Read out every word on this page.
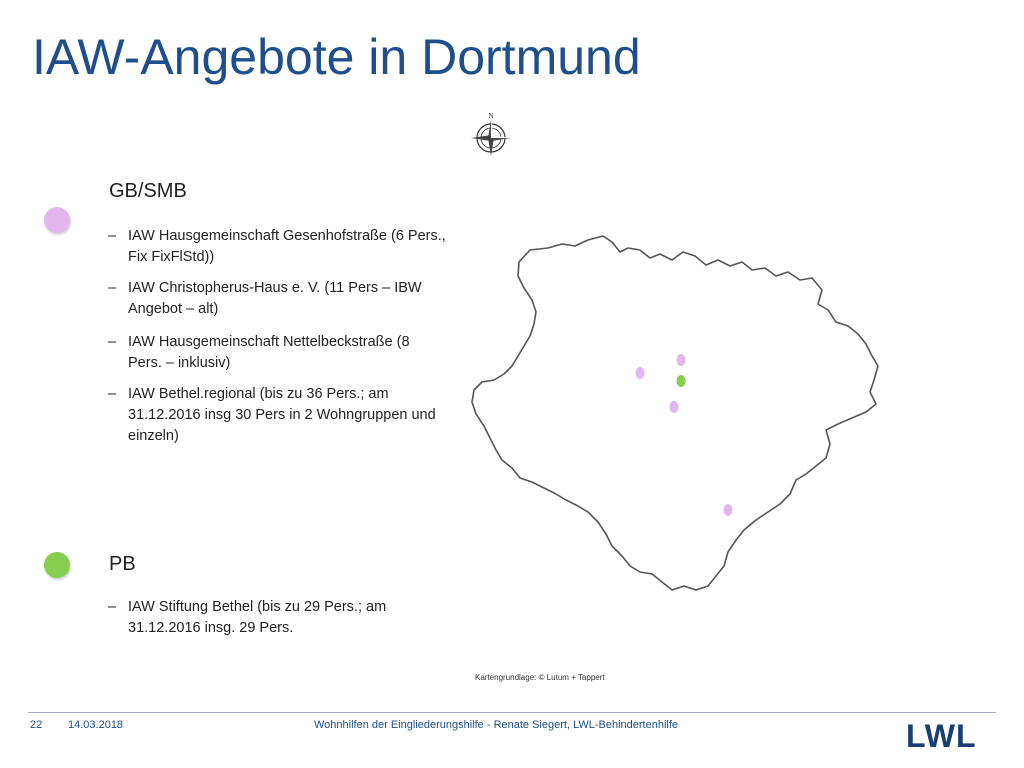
IAW-Angebote in Dortmund
N
GB/SMB
– IAW Hausgemeinschaft Gesenhofstraße (6 Pers., Fix FixFlStd))
– IAW Christopherus-Haus e. V. (11 Pers – IBW Angebot – alt)
– IAW Hausgemeinschaft Nettelbeckstraße (8 Pers. – inklusiv)
– IAW Bethel.regional (bis zu 36 Pers.; am 31.12.2016 insg 30 Pers in 2 Wohngruppen und einzeln)
PB
– IAW Stiftung Bethel (bis zu 29 Pers.; am 31.12.2016 insg. 29 Pers.
Kartengrundlage: © Lutum + Tappert
22 14.03.2018	Wohnhilfen der Eingliederungshilfe - Renate Siegert, LWL-Behindertenhilfe	LWL
